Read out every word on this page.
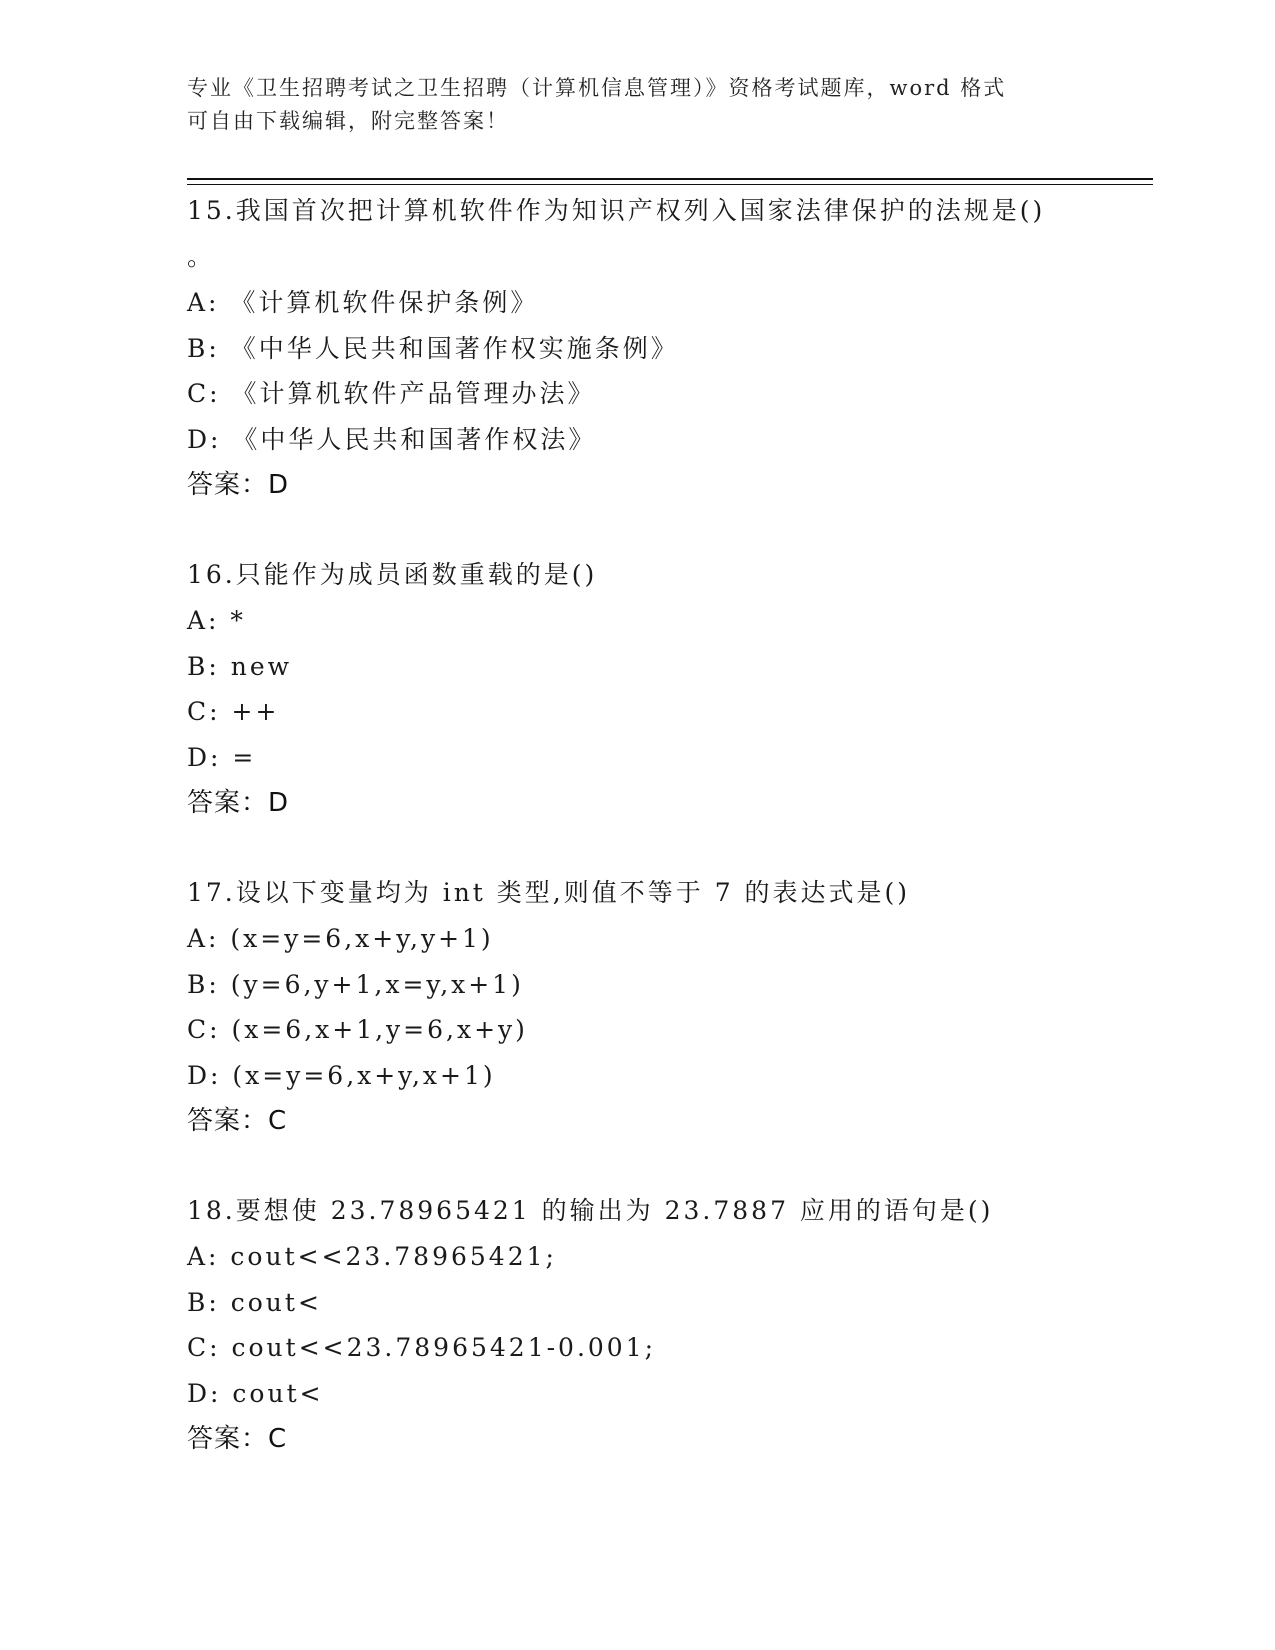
专业《卫生招聘考试之卫生招聘（计算机信息管理）》资格考试题库，word 格式
可自由下载编辑，附完整答案！
15.我国首次把计算机软件作为知识产权列入国家法律保护的法规是()
。
A: 《计算机软件保护条例》
B: 《中华人民共和国著作权实施条例》
C: 《计算机软件产品管理办法》
D: 《中华人民共和国著作权法》
答案：D
16.只能作为成员函数重载的是()
A: *
B: new
C: ++
D: =
答案：D
17.设以下变量均为 int 类型,则值不等于 7 的表达式是()
A: (x=y=6,x+y,y+1)
B: (y=6,y+1,x=y,x+1)
C: (x=6,x+1,y=6,x+y)
D: (x=y=6,x+y,x+1)
答案：C
18.要想使 23.78965421 的输出为 23.7887 应用的语句是()
A: cout<<23.78965421;
B: cout<
C: cout<<23.78965421-0.001;
D: cout<
答案：C
